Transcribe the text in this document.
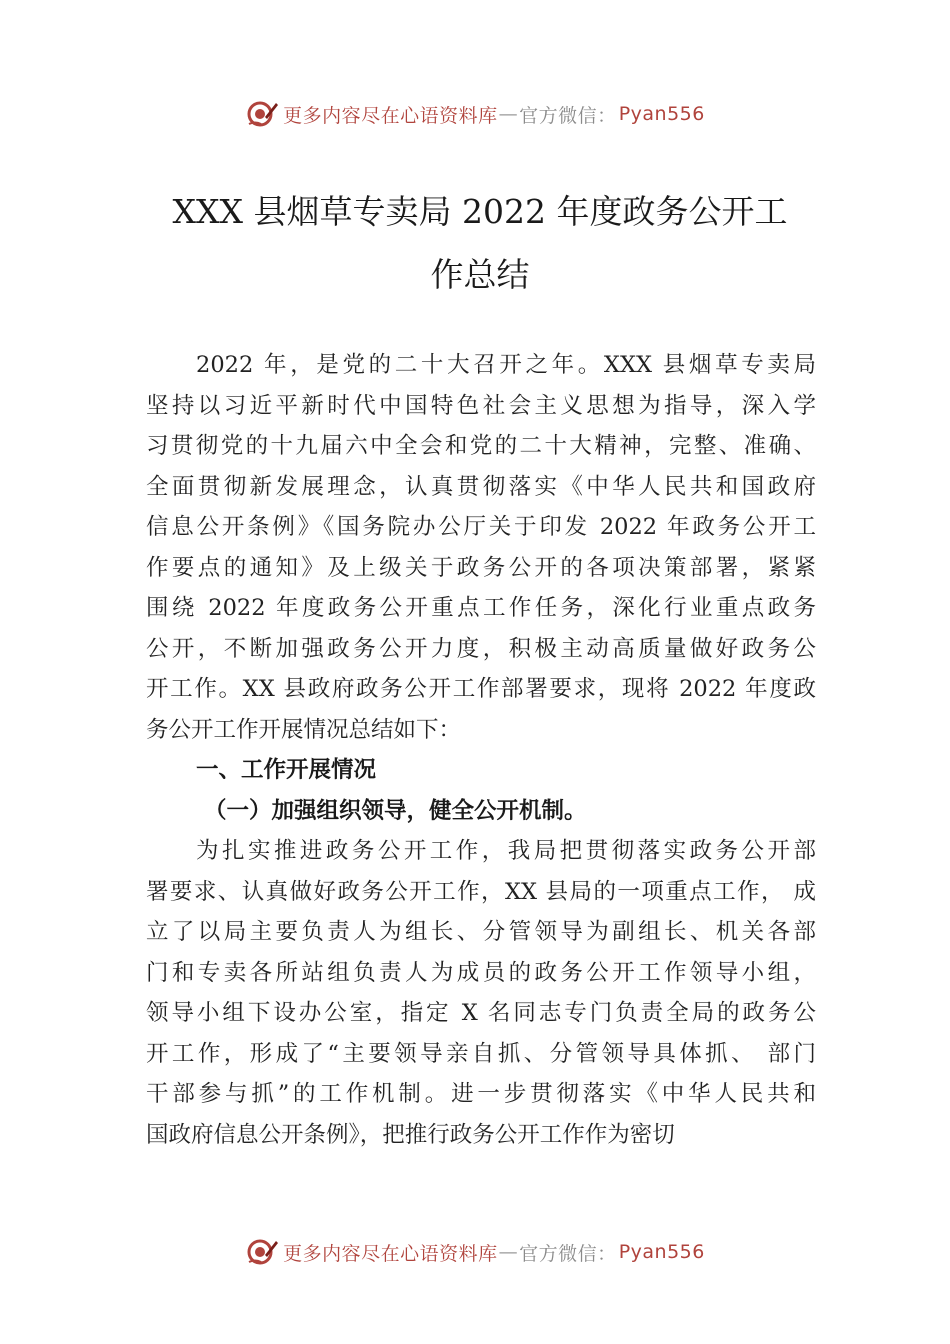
更多内容尽在心语资料库 — 官方微信： Pyan556
XXX 县烟草专卖局 2022 年度政务公开工
作总结
2022 年，是党的二十大召开之年。XXX 县烟草专卖局
坚持以习近平新时代中国特色社会主义思想为指导，深入学
习贯彻党的十九届六中全会和党的二十大精神，完整、准确、
全面贯彻新发展理念，认真贯彻落实《中华人民共和国政府
信息公开条例》《国务院办公厅关于印发 2022 年政务公开工
作要点的通知》及上级关于政务公开的各项决策部署，紧紧
围绕 2022 年度政务公开重点工作任务，深化行业重点政务
公开，不断加强政务公开力度，积极主动高质量做好政务公
开工作。XX 县政府政务公开工作部署要求，现将 2022 年度政
务公开工作开展情况总结如下：
一、工作开展情况
（一）加强组织领导，健全公开机制。
为扎实推进政务公开工作，我局把贯彻落实政务公开部
署要求、认真做好政务公开工作，XX 县局的一项重点工作， 成
立了以局主要负责人为组长、分管领导为副组长、机关各部
门和专卖各所站组负责人为成员的政务公开工作领导小组，
领导小组下设办公室，指定 X 名同志专门负责全局的政务公
开工作，形成了“主要领导亲自抓、分管领导具体抓、 部门
干部参与抓”的工作机制。进一步贯彻落实《中华人民共和
国政府信息公开条例》，把推行政务公开工作作为密切
更多内容尽在心语资料库 — 官方微信： Pyan556
